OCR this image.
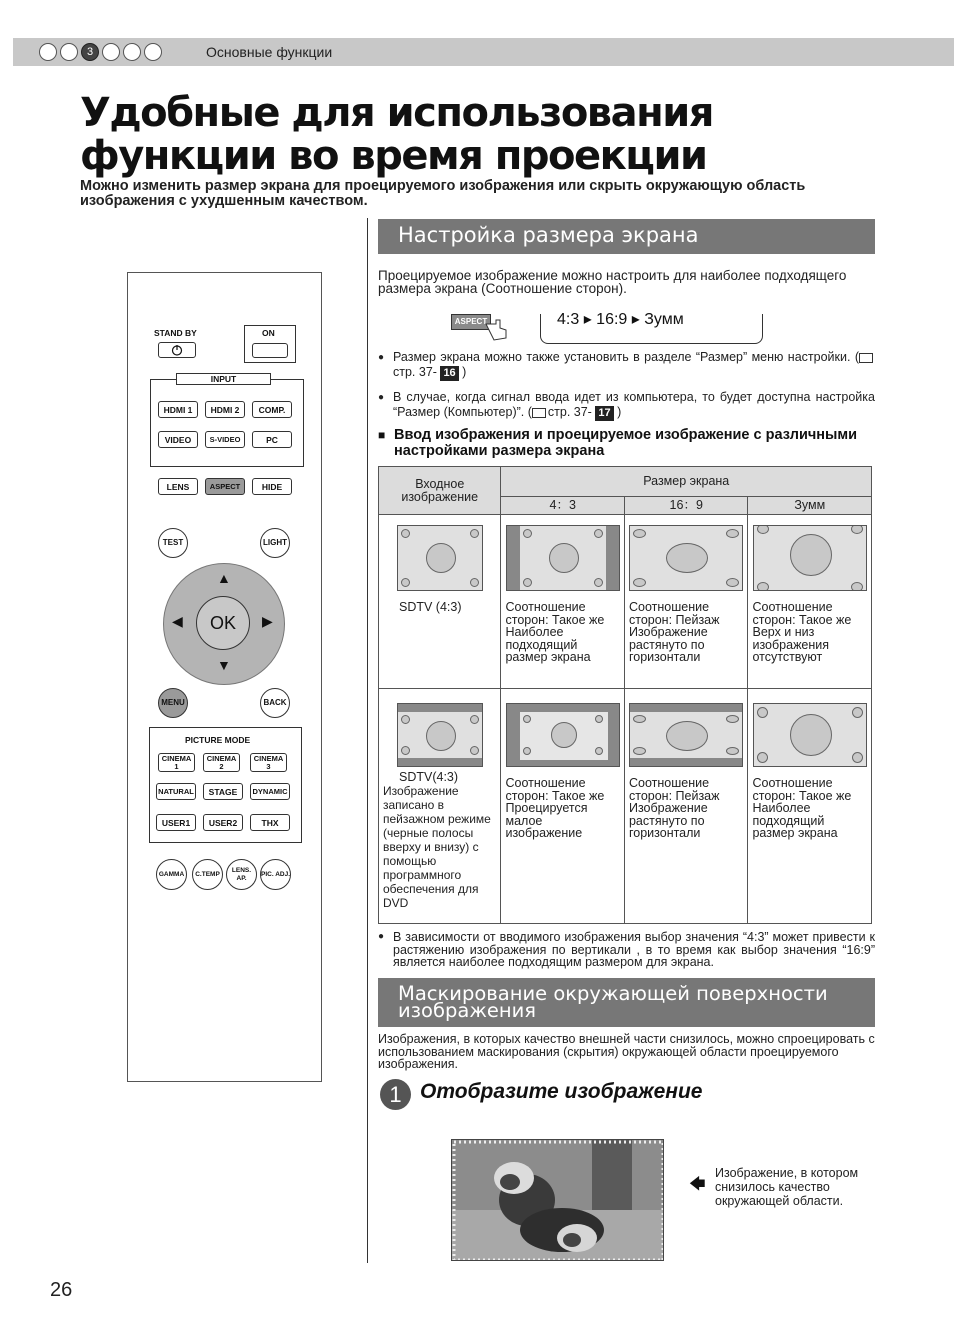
3	Основные функции
Удобные для использования функции во время проекции
Можно изменить размер экрана для проецируемого изображения или скрыть окружающую область изображения с ухудшенным качеством.
STAND BY	ON
INPUT
HDMI 1	HDMI 2	COMP.
VIDEO	S-VIDEO	PC
LENS	ASPECT	HIDE
TEST	LIGHT
▲
▼
◀	▶
OK
MENU	BACK
PICTURE MODE
CINEMA 1
CINEMA 2
CINEMA 3
NATURAL	STAGE	DYNAMIC
USER1	USER2	THX
GAMMA	C.TEMP
LENS. AP.
PIC. ADJ.
Настройка размера экрана
Проецируемое изображение можно настроить для наиболее подходящего размера экрана (Соотношение сторон).
ASPECT	4:3 ▸ 16:9 ▸ Зумм
● Размер экрана можно также установить в разделе “Размер” меню настройки. (стр. 37- 16 )
● В случае, когда сигнал ввода идет из компьютера, то будет доступна настройка “Размер (Компьютер)”. ( стр. 37- 17 )
■ Ввод изображения и проецируемое изображение с различными настройками размера экрана
Входное изображение	Размер экрана		
	4：3	16：9	Зумм

SDTV (4:3)	Соотношение сторон: Такое же Наиболее подходящий размер экрана	Соотношение сторон: Пейзаж Изображение растянуто по горизонтали	Соотношение сторон: Такое же Верх и низ изображения отсутствуют

SDTV(4:3)
Изображение записано в пейзажном режиме (черные полосы вверху и внизу) с помощью программного обеспечения для DVD	Соотношение сторон: Такое же Проецируется малое изображение	Соотношение сторон: Пейзаж Изображение растянуто по горизонтали	Соотношение сторон: Такое же Наиболее подходящий размер экрана
● В зависимости от вводимого изображения выбор значения “4:3” может привести к растяжению изображения по вертикали , в то время как выбор значения “16:9” является наиболее подходящим размером для экрана.
Маскирование окружающей поверхности изображения
Изображения, в которых качество внешней части снизилось, можно спроецировать с использованием маскирования (скрытия) окружающей области проецируемого изображения.
1 Отобразите изображение
🡄
Изображение, в котором снизилось качество окружающей области.
26
